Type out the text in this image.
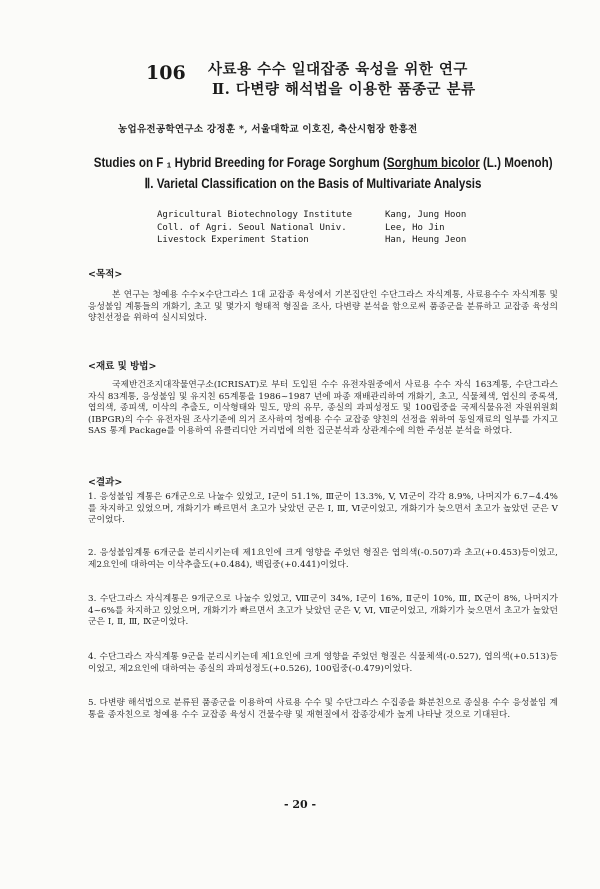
106 사료용 수수 일대잡종 육성을 위한 연구
Ⅱ. 다변량 해석법을 이용한 품종군 분류
농업유전공학연구소 강정훈 *, 서울대학교 이호진, 축산시험장 한흥전
Studies on F ₁ Hybrid Breeding for Forage Sorghum (Sorghum bicolor (L.) Moenoh)
Ⅱ. Varietal Classification on the Basis of Multivariate Analysis
Agricultural Biotechnology Institute	Kang, Jung Hoon
Coll. of Agri. Seoul National Univ.	Lee, Ho Jin
Livestock Experiment Station	Han, Heung Jeon
<목적>

본 연구는 청예용 수수×수단그라스 1대 교잡종 육성에서 기본집단인 수단그라스 자식계통, 사료용수수 자식계통 및 응성불임 계통들의 개화기, 초고 및 몇가지 형태적 형질을 조사, 다변량 분석을 함으로써 품종군을 분류하고 교잡종 육성의 양친선정을 위하여 실시되었다.

<재료 및 방법>

국제반건조지대작물연구소(ICRISAT)로 부터 도입된 수수 유전자원중에서 사료용 수수 자식 163계통, 수단그라스 자식 83계통, 응성불임 및 유지친 65계통을 1986~1987 년에 파종 재배관리하여 개화기, 초고, 식물체색, 엽신의 중록색, 엽의색, 종피색, 이삭의 추출도, 이삭형태와 밀도, 망의 유무, 종실의 과피성정도 및 100립중을 국제식물유전 자원위원회(IBPGR)의 수수 유전자원 조사기준에 의거 조사하여 청예용 수수 교잡종 양친의 선정을 위하여 동일재료의 일부를 가지고 SAS 통계 Package를 이용하여 유클리디안 거리법에 의한 집군분석과 상관계수에 의한 주성분 분석을 하였다.

<결과>
1. 응성불임 계통은 6개군으로 나눌수 있었고, I군이 51.1%, Ⅲ군이 13.3%, V, Ⅵ군이 각각 8.9%, 나머지가 6.7~4.4%를 차지하고 있었으며, 개화기가 빠르면서 초고가 낮았던 군은 I, Ⅲ, Ⅵ군이었고, 개화기가 늦으면서 초고가 높았던 군은 V군이었다.
2. 응성불임계통 6개군을 분리시키는데 제1요인에 크게 영향을 주었던 형질은 엽의색(-0.507)과 초고(+0.453)등이었고, 제2요인에 대하여는 이삭추출도(+0.484), 백립중(+0.441)이었다.
3. 수단그라스 자식계통은 9개군으로 나눌수 있었고, Ⅷ군이 34%, I군이 16%, Ⅱ군이 10%, Ⅲ, Ⅸ군이 8%, 나머지가 4~6%를 차지하고 있었으며, 개화기가 빠르면서 초고가 낮았던 군은 V, Ⅵ, Ⅶ군이었고, 개화기가 늦으면서 초고가 높았던 군은 I, Ⅱ, Ⅲ, Ⅸ군이었다.
4. 수단그라스 자식계통 9군을 분리시키는데 제1요인에 크게 영향을 주었던 형질은 식물체색(-0.527), 엽의색(+0.513)등이었고, 제2요인에 대하여는 종실의 과피성정도(+0.526), 100립중(-0.479)이었다.
5. 다변량 해석법으로 분류된 품종군을 이용하여 사료용 수수 및 수단그라스 수집종을 화분친으로 종실용 수수 응성불임 계통을 종자친으로 청예용 수수 교잡종 육성시 건물수량 및 재현질에서 잡종강세가 높게 나타날 것으로 기대된다.
- 20 -
